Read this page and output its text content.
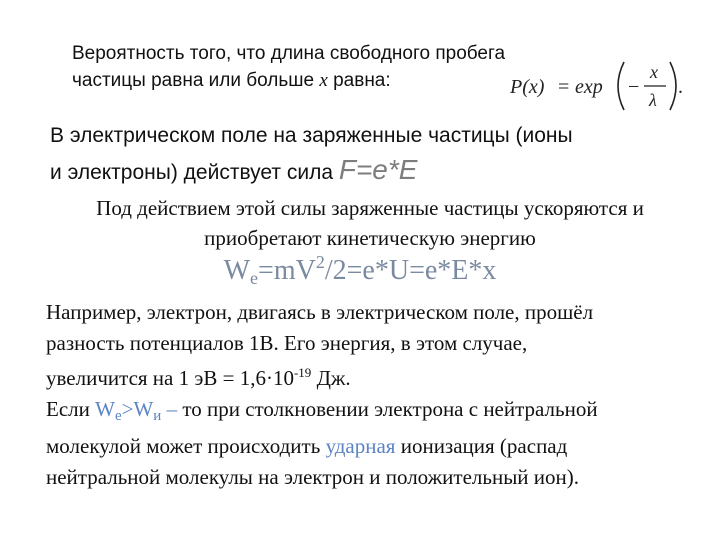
Вероятность того, что длина свободного пробега
частицы равна или больше x равна:	P(x) = exp −
x
λ
.
В электрическом поле на заряженные частицы (ионы
и электроны) действует сила F=e*E
Под действием этой силы заряженные частицы ускоряются и
приобретают кинетическую энергию
$W_e=mV^2/2=e*U=e*E*x$
Например, электрон, двигаясь в электрическом поле, прошёл
разность потенциалов 1В. Его энергия, в этом случае,
увеличится на 1 эВ = $1,6\cdot 10^{-19}$ Дж.
Если $W_e>W_и$ – то при столкновении электрона с нейтральной
молекулой может происходить ударная ионизация (распад
нейтральной молекулы на электрон и положительный ион).
